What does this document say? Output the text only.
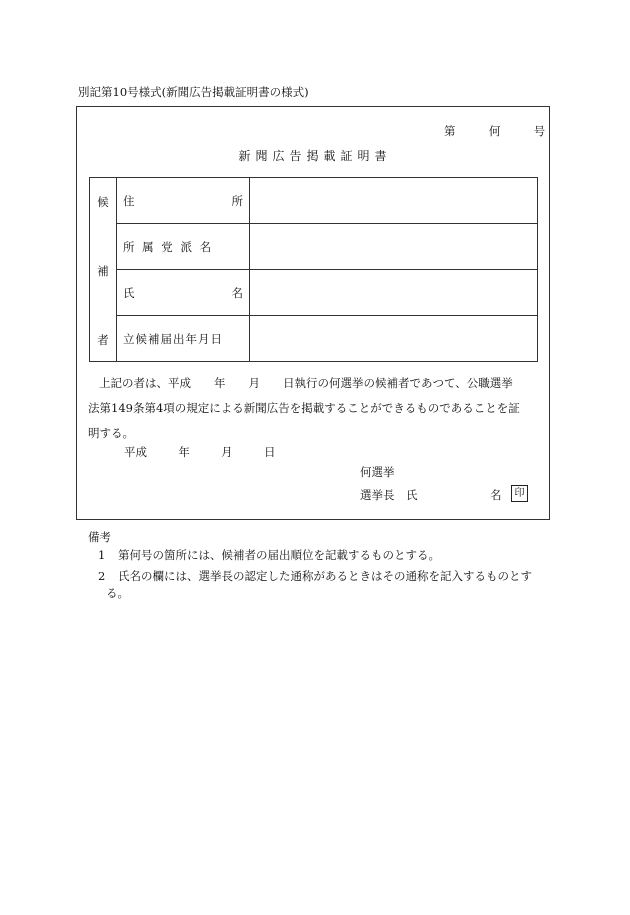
別記第10号様式(新聞広告掲載証明書の様式)
第	何	号
新聞広告掲載証明書
候
補
者	住 所	

	所 属 党 派 名	

	氏 名	

	立候補届出年月日	

上記の者は、平成　　年　　月　　日執行の何選挙の候補者であつて、公職選挙
法第149条第4項の規定による新聞広告を掲載することができるものであることを証
明する。
平成	年	月	日
何選挙
選挙長　氏	名	印
備考
1 第何号の箇所には、候補者の届出順位を記載するものとする。
2 氏名の欄には、選挙長の認定した通称があるときはその通称を記入するものとす
る。
